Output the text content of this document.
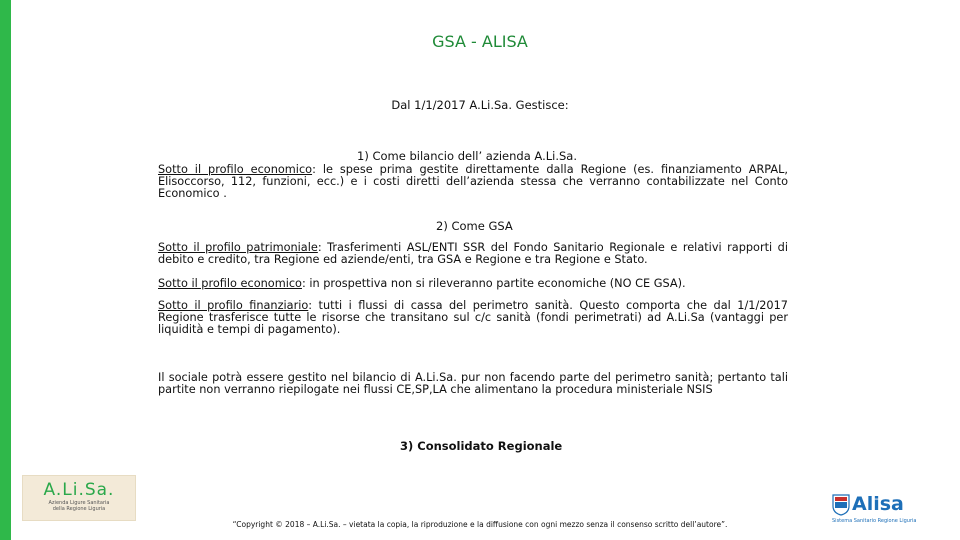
GSA - ALISA
Dal 1/1/2017 A.Li.Sa. Gestisce:
1) Come bilancio dell’ azienda A.Li.Sa.
Sotto il profilo economico: le spese prima gestite direttamente dalla Regione (es. finanziamento ARPAL, Elisoccorso, 112, funzioni, ecc.) e i costi diretti dell’azienda stessa che verranno contabilizzate nel Conto Economico .
2) Come GSA
Sotto il profilo patrimoniale: Trasferimenti ASL/ENTI SSR del Fondo Sanitario Regionale e relativi rapporti di debito e credito, tra Regione ed aziende/enti, tra GSA e Regione e tra Regione e Stato.
Sotto il profilo economico: in prospettiva non si rileveranno partite economiche (NO CE GSA).
Sotto il profilo finanziario: tutti i flussi di cassa del perimetro sanità. Questo comporta che dal 1/1/2017 Regione trasferisce tutte le risorse che transitano sul c/c sanità (fondi perimetrati) ad A.Li.Sa (vantaggi per liquidità e tempi di pagamento).
Il sociale potrà essere gestito nel bilancio di A.Li.Sa. pur non facendo parte del perimetro sanità; pertanto tali partite non verranno riepilogate nei flussi CE,SP,LA che alimentano la procedura ministeriale NSIS
3) Consolidato Regionale
A.Li.Sa.
Azienda Ligure Sanitaria
della Regione Liguria
“Copyright © 2018 – A.Li.Sa. – vietata la copia, la riproduzione e la diffusione con ogni mezzo senza il consenso scritto dell’autore”.
Alisa
Sistema Sanitario Regione Liguria
